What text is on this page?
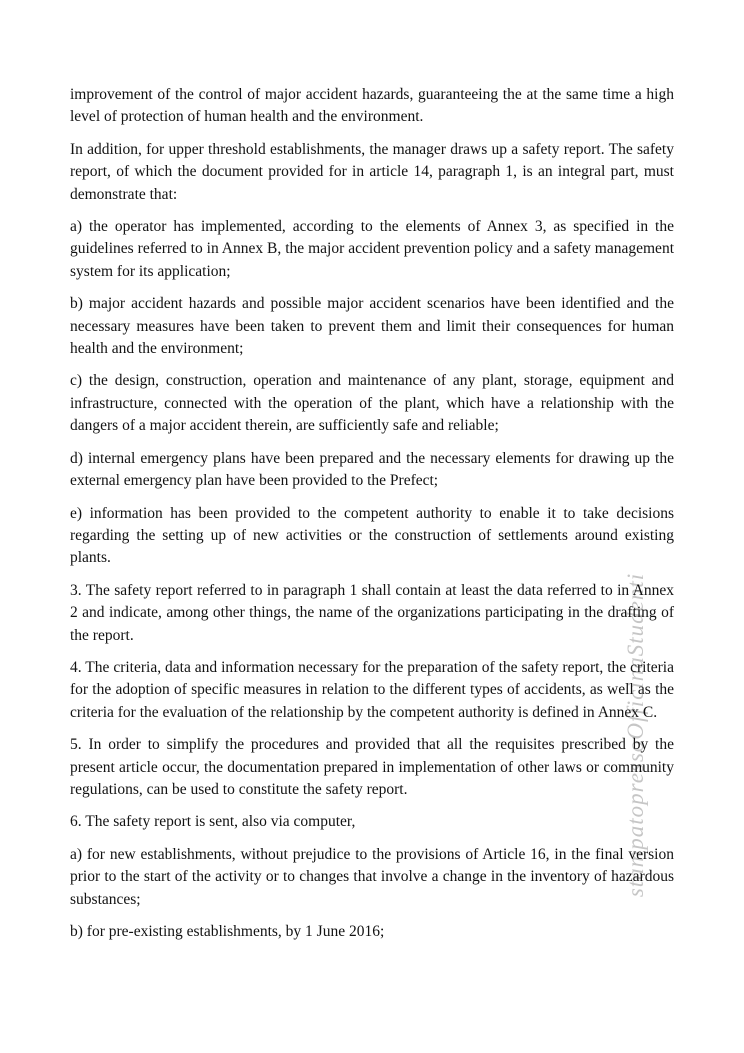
stampatopressoOfficinaStudenti

improvement of the control of major accident hazards, guaranteeing the at the same time a high level of protection of human health and the environment.

In addition, for upper threshold establishments, the manager draws up a safety report. The safety report, of which the document provided for in article 14, paragraph 1, is an integral part, must demonstrate that:

a) the operator has implemented, according to the elements of Annex 3, as specified in the guidelines referred to in Annex B, the major accident prevention policy and a safety management system for its application;

b) major accident hazards and possible major accident scenarios have been identified and the necessary measures have been taken to prevent them and limit their consequences for human health and the environment;

c) the design, construction, operation and maintenance of any plant, storage, equipment and infrastructure, connected with the operation of the plant, which have a relationship with the dangers of a major accident therein, are sufficiently safe and reliable;

d) internal emergency plans have been prepared and the necessary elements for drawing up the external emergency plan have been provided to the Prefect;

e) information has been provided to the competent authority to enable it to take decisions regarding the setting up of new activities or the construction of settlements around existing plants.

3. The safety report referred to in paragraph 1 shall contain at least the data referred to in Annex 2 and indicate, among other things, the name of the organizations participating in the drafting of the report.

4. The criteria, data and information necessary for the preparation of the safety report, the criteria for the adoption of specific measures in relation to the different types of accidents, as well as the criteria for the evaluation of the relationship by the competent authority is defined in Annex C.

5. In order to simplify the procedures and provided that all the requisites prescribed by the present article occur, the documentation prepared in implementation of other laws or community regulations, can be used to constitute the safety report.

6. The safety report is sent, also via computer,

a) for new establishments, without prejudice to the provisions of Article 16, in the final version prior to the start of the activity or to changes that involve a change in the inventory of hazardous substances;

b) for pre-existing establishments, by 1 June 2016;
